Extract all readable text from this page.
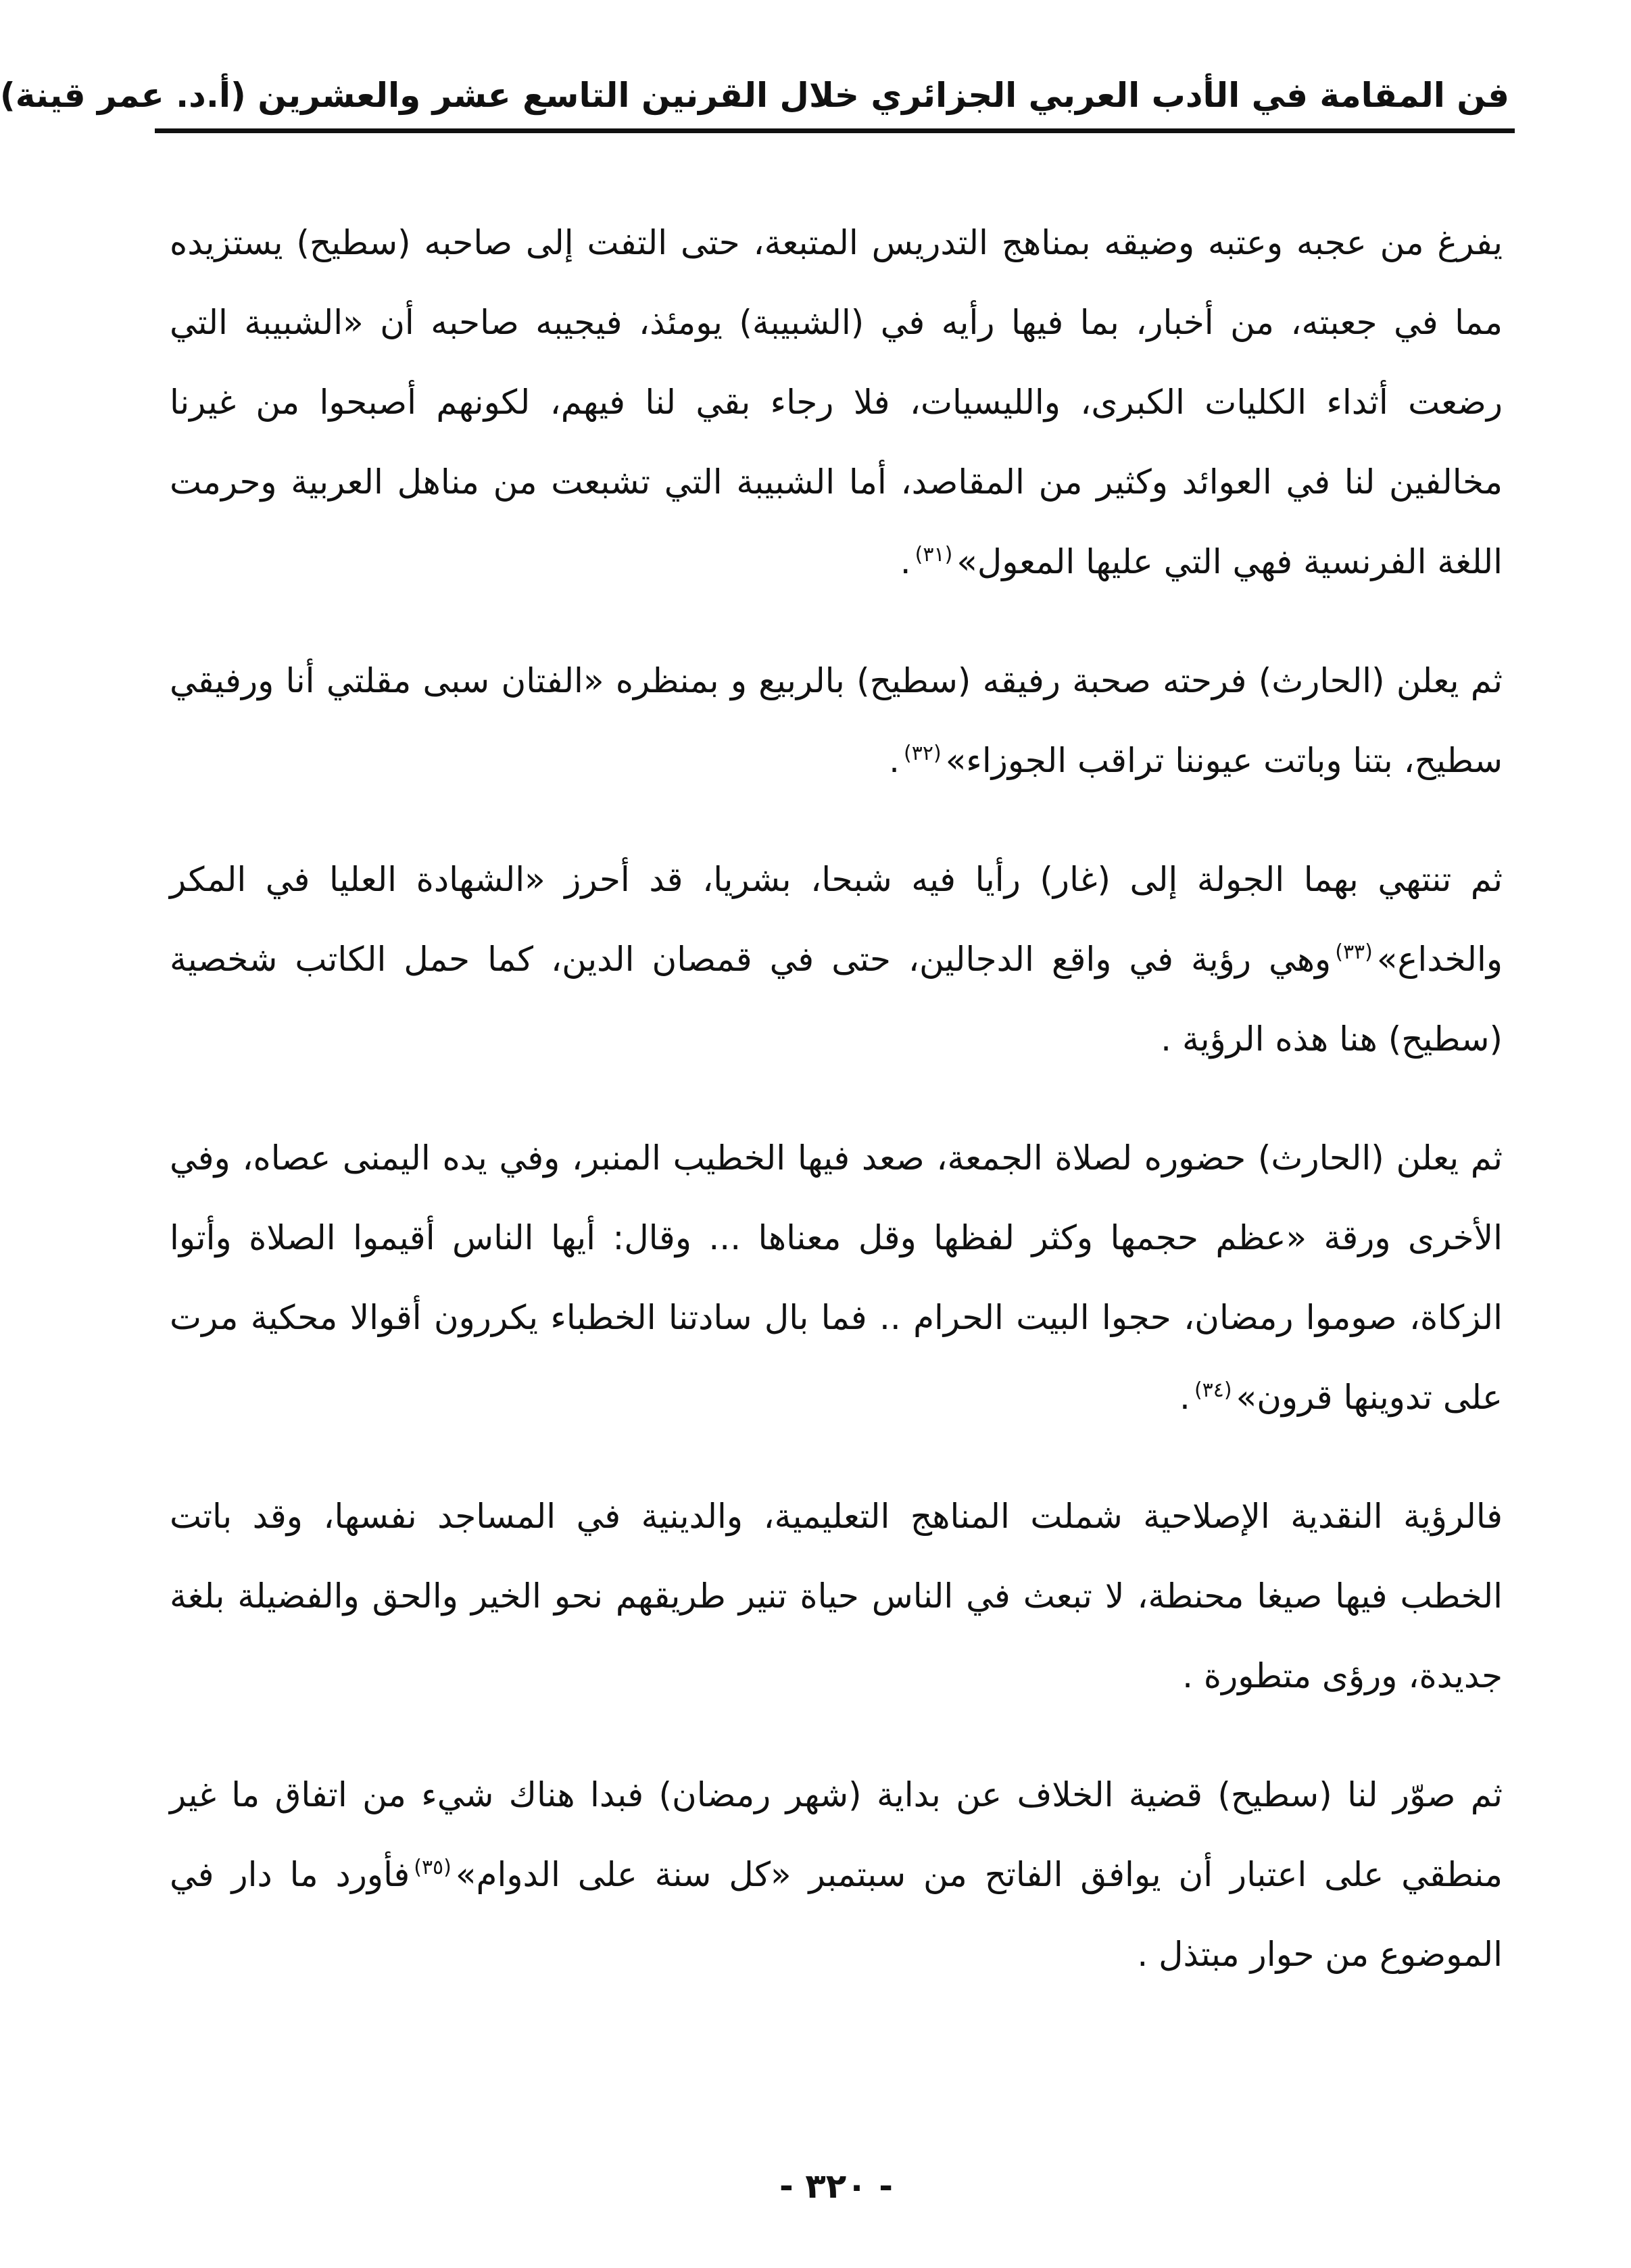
فن المقامة في الأدب العربي الجزائري خلال القرنين التاسع عشر والعشرين (أ.د. عمر قينة)

يفرغ من عجبه وعتبه وضيقه بمناهج التدريس المتبعة، حتى التفت إلى صاحبه (سطيح) يستزيده مما في جعبته، من أخبار، بما فيها رأيه في (الشبيبة) يومئذ، فيجيبه صاحبه أن «الشبيبة التي رضعت أثداء الكليات الكبرى، والليسيات، فلا رجاء بقي لنا فيهم، لكونهم أصبحوا من غيرنا مخالفين لنا في العوائد وكثير من المقاصد، أما الشبيبة التي تشبعت من مناهل العربية وحرمت اللغة الفرنسية فهي التي عليها المعول»$^{(٣١)}$.

ثم يعلن (الحارث) فرحته صحبة رفيقه (سطيح) بالربيع و بمنظره «الفتان سبى مقلتي أنا ورفيقي سطيح، بتنا وباتت عيوننا تراقب الجوزاء»$^{(٣٢)}$.

ثم تنتهي بهما الجولة إلى (غار) رأيا فيه شبحا، بشريا، قد أحرز «الشهادة العليا في المكر والخداع»$^{(٣٣)}$وهي رؤية في واقع الدجالين، حتى في قمصان الدين، كما حمل الكاتب شخصية (سطيح) هنا هذه الرؤية .

ثم يعلن (الحارث) حضوره لصلاة الجمعة، صعد فيها الخطيب المنبر، وفي يده اليمنى عصاه، وفي الأخرى ورقة «عظم حجمها وكثر لفظها وقل معناها ... وقال: أيها الناس أقيموا الصلاة وأتوا الزكاة، صوموا رمضان، حجوا البيت الحرام .. فما بال سادتنا الخطباء يكررون أقوالا محكية مرت على تدوينها قرون»$^{(٣٤)}$.

فالرؤية النقدية الإصلاحية شملت المناهج التعليمية، والدينية في المساجد نفسها، وقد باتت الخطب فيها صيغا محنطة، لا تبعث في الناس حياة تنير طريقهم نحو الخير والحق والفضيلة بلغة جديدة، ورؤى متطورة .

ثم صوّر لنا (سطيح) قضية الخلاف عن بداية (شهر رمضان) فبدا هناك شيء من اتفاق ما غير منطقي على اعتبار أن يوافق الفاتح من سبتمبر «كل سنة على الدوام»$^{(٣٥)}$فأورد ما دار في الموضوع من حوار مبتذل .

- ٣٢٠ -
